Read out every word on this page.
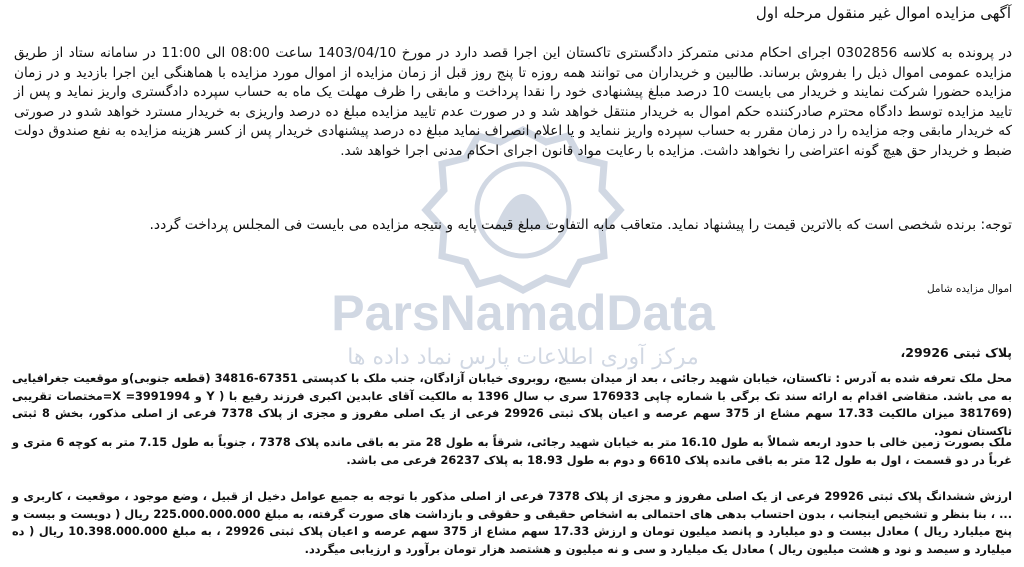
ParsNamadData
مرکز آوری اطلاعات پارس نماد داده ها
آگهی مزایده اموال غیر منقول مرحله اول

در پرونده به کلاسه 0302856 اجرای احکام مدنی متمرکز دادگستری تاکستان این اجرا قصد دارد در مورخ 1403/04/10 ساعت 08:00 الی 11:00 در سامانه ستاد از طریق مزایده عمومی اموال ذیل را بفروش برساند. طالبین و خریداران می توانند همه روزه تا پنج روز قبل از زمان مزایده از اموال مورد مزایده با هماهنگی این اجرا بازدید و در زمان مزایده حضورا شرکت نمایند و خریدار می بایست 10 درصد مبلغ پیشنهادی خود را نقدا پرداخت و مابقی را ظرف مهلت یک ماه به حساب سپرده دادگستری واریز نماید و پس از تایید مزایده توسط دادگاه محترم صادرکننده حکم اموال به خریدار منتقل خواهد شد و در صورت عدم تایید مزایده مبلغ ده درصد واریزی به خریدار مسترد خواهد شدو در صورتی که خریدار مابقی وجه مزایده را در زمان مقرر به حساب سپرده واریز ننماید و یا اعلام انصراف نماید مبلغ ده درصد پیشنهادی خریدار پس از کسر هزینه مزایده به نفع صندوق دولت ضبط و خریدار حق هیچ گونه اعتراضی را نخواهد داشت. مزایده با رعایت مواد قانون اجرای احکام مدنی اجرا خواهد شد.

توجه: برنده شخصی است که بالاترین قیمت را پیشنهاد نماید. متعاقب مابه التفاوت مبلغ قیمت پایه و نتیجه مزایده می بایست فی المجلس پرداخت گردد.
اموال مزایده شامل
پلاک ثبتی 29926،

محل ملک تعرفه شده به آدرس : تاکستان، خیابان شهید رجائی ، بعد از میدان بسیج، روبروی خیابان آزادگان، جنب ملک با کدپستی 67351-34816 (قطعه جنوبی)و موقعیت جغرافیایی به می باشد. متقاضی اقدام به ارائه سند تک برگی با شماره چاپی 176933 سری ب سال 1396 به مالکیت آقای عابدین اکبری فرزند رفیع با ( Y و 3991994= X=مختصات تقریبی (381769 میزان مالکیت 17.33 سهم مشاع از 375 سهم عرصه و اعیان پلاک ثبتی 29926 فرعی از یک اصلی مفروز و مجزی از پلاک 7378 فرعی از اصلی مذکور، بخش 8 ثبتی تاکستان نمود.

ملک بصورت زمین خالی با حدود اربعه شمالاً به طول 16.10 متر به خیابان شهید رجائی، شرقاً به طول 28 متر به باقی مانده پلاک 7378 ، جنوباً به طول 7.15 متر به کوچه 6 متری و غرباً در دو قسمت ، اول به طول 12 متر به باقی مانده پلاک 6610 و دوم به طول 18.93 به پلاک 26237 فرعی می باشد.

ارزش ششدانگ پلاک ثبتی 29926 فرعی از یک اصلی مفروز و مجزی از پلاک 7378 فرعی از اصلی مذکور با توجه به جمیع عوامل دخیل از قبیل ، وضع موجود ، موقعیت ، کاربری و ... ، بنا بنظر و تشخیص اینجانب ، بدون احتساب بدهی های احتمالی به اشخاص حقیقی و حقوقی و بازداشت های صورت گرفته، به مبلغ 225.000.000.000 ریال ( دویست و بیست و پنج میلیارد ریال ) معادل بیست و دو میلیارد و پانصد میلیون تومان و ارزش 17.33 سهم مشاع از 375 سهم عرصه و اعیان پلاک ثبتی 29926 ، به مبلغ 10.398.000.000 ریال ( ده میلیارد و سیصد و نود و هشت میلیون ریال ) معادل یک میلیارد و سی و نه میلیون و هشتصد هزار تومان برآورد و ارزیابی میگردد.
